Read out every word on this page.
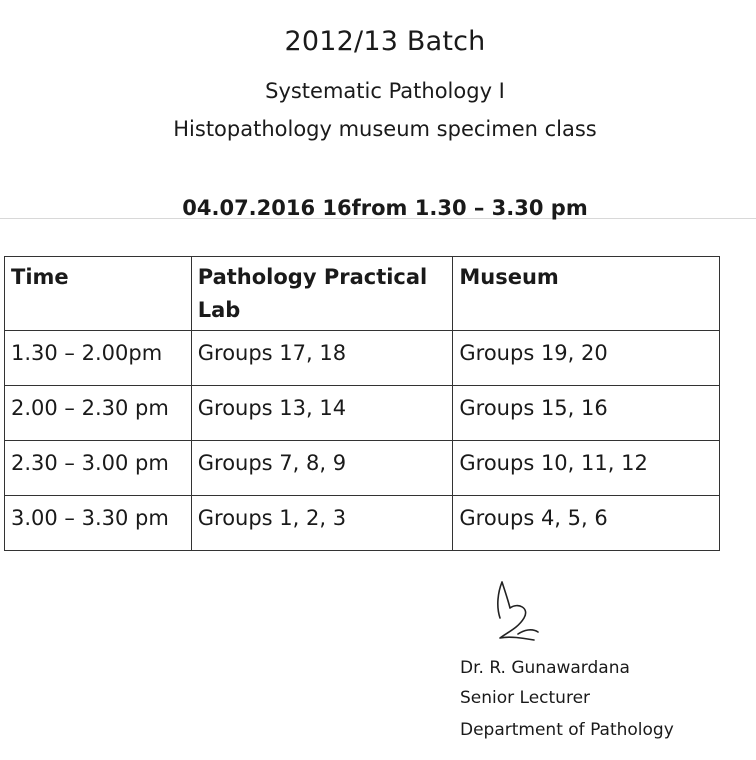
2012/13 Batch
Systematic Pathology I
Histopathology museum specimen class
04.07.2016 16from 1.30 – 3.30 pm
Time	Pathology Practical Lab	Museum
1.30 – 2.00pm	Groups 17, 18	Groups 19, 20
2.00 – 2.30 pm	Groups 13, 14	Groups 15, 16
2.30 – 3.00 pm	Groups 7, 8, 9	Groups 10, 11, 12
3.00 – 3.30 pm	Groups 1, 2, 3	Groups 4, 5, 6
Dr. R. Gunawardana
Senior Lecturer
Department of Pathology
